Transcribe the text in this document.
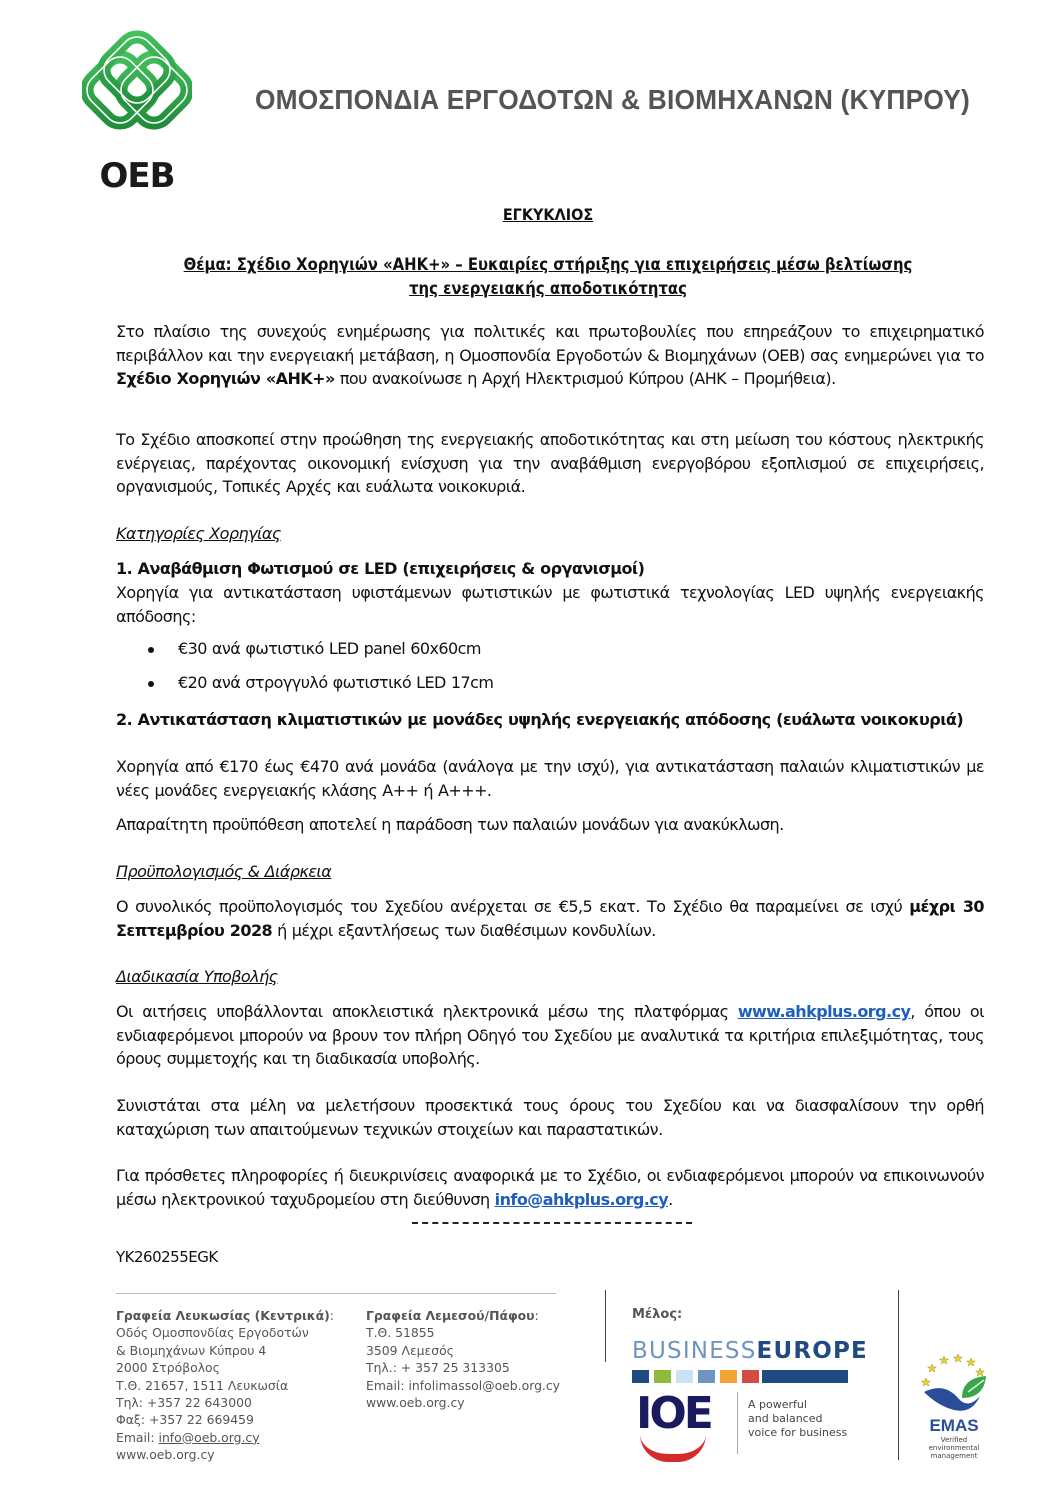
OEB
ΟΜΟΣΠΟΝΔΙΑ ΕΡΓΟΔΟΤΩΝ & ΒΙΟΜΗΧΑΝΩΝ (ΚΥΠΡΟΥ)
ΕΓΚΥΚΛΙΟΣ
Θέμα: Σχέδιο Χορηγιών «ΑΗΚ+» – Ευκαιρίες στήριξης για επιχειρήσεις μέσω βελτίωσης
της ενεργειακής αποδοτικότητας
Στο πλαίσιο της συνεχούς ενημέρωσης για πολιτικές και πρωτοβουλίες που επηρεάζουν το επιχειρηματικό περιβάλλον και την ενεργειακή μετάβαση, η Ομοσπονδία Εργοδοτών & Βιομηχάνων (ΟΕΒ) σας ενημερώνει για το Σχέδιο Χορηγιών «ΑΗΚ+» που ανακοίνωσε η Αρχή Ηλεκτρισμού Κύπρου (ΑΗΚ – Προμήθεια).
Το Σχέδιο αποσκοπεί στην προώθηση της ενεργειακής αποδοτικότητας και στη μείωση του κόστους ηλεκτρικής ενέργειας, παρέχοντας οικονομική ενίσχυση για την αναβάθμιση ενεργοβόρου εξοπλισμού σε επιχειρήσεις, οργανισμούς, Τοπικές Αρχές και ευάλωτα νοικοκυριά.
Κατηγορίες Χορηγίας
1. Αναβάθμιση Φωτισμού σε LED (επιχειρήσεις & οργανισμοί)
Χορηγία για αντικατάσταση υφιστάμενων φωτιστικών με φωτιστικά τεχνολογίας LED υψηλής ενεργειακής απόδοσης:
€30 ανά φωτιστικό LED panel 60x60cm
€20 ανά στρογγυλό φωτιστικό LED 17cm
2. Αντικατάσταση κλιματιστικών με μονάδες υψηλής ενεργειακής απόδοσης (ευάλωτα νοικοκυριά)
Χορηγία από €170 έως €470 ανά μονάδα (ανάλογα με την ισχύ), για αντικατάσταση παλαιών κλιματιστικών με νέες μονάδες ενεργειακής κλάσης Α++ ή Α+++.
Απαραίτητη προϋπόθεση αποτελεί η παράδοση των παλαιών μονάδων για ανακύκλωση.
Προϋπολογισμός & Διάρκεια
Ο συνολικός προϋπολογισμός του Σχεδίου ανέρχεται σε €5,5 εκατ. Το Σχέδιο θα παραμείνει σε ισχύ μέχρι 30 Σεπτεμβρίου 2028 ή μέχρι εξαντλήσεως των διαθέσιμων κονδυλίων.
Διαδικασία Υποβολής
Οι αιτήσεις υποβάλλονται αποκλειστικά ηλεκτρονικά μέσω της πλατφόρμας www.ahkplus.org.cy, όπου οι ενδιαφερόμενοι μπορούν να βρουν τον πλήρη Οδηγό του Σχεδίου με αναλυτικά τα κριτήρια επιλεξιμότητας, τους όρους συμμετοχής και τη διαδικασία υποβολής.
Συνιστάται στα μέλη να μελετήσουν προσεκτικά τους όρους του Σχεδίου και να διασφαλίσουν την ορθή καταχώριση των απαιτούμενων τεχνικών στοιχείων και παραστατικών.
Για πρόσθετες πληροφορίες ή διευκρινίσεις αναφορικά με το Σχέδιο, οι ενδιαφερόμενοι μπορούν να επικοινωνούν μέσω ηλεκτρονικού ταχυδρομείου στη διεύθυνση info@ahkplus.org.cy.
YK260255EGK
Γραφεία Λευκωσίας (Κεντρικά):
Οδός Ομοσπονδίας Εργοδοτών
& Βιομηχάνων Κύπρου 4
2000 Στρόβολος
Τ.Θ. 21657, 1511 Λευκωσία
Τηλ: +357 22 643000
Φαξ: +357 22 669459
Email: info@oeb.org.cy
www.oeb.org.cy
Γραφεία Λεμεσού/Πάφου:
Τ.Θ. 51855
3509 Λεμεσός
Τηλ.: + 357 25 313305
Email: infolimassol@oeb.org.cy
www.oeb.org.cy
Μέλος:
BUSINESSEUROPE
IOE	A powerful
and balanced
voice for business	EMAS
Verified
environmental
management
